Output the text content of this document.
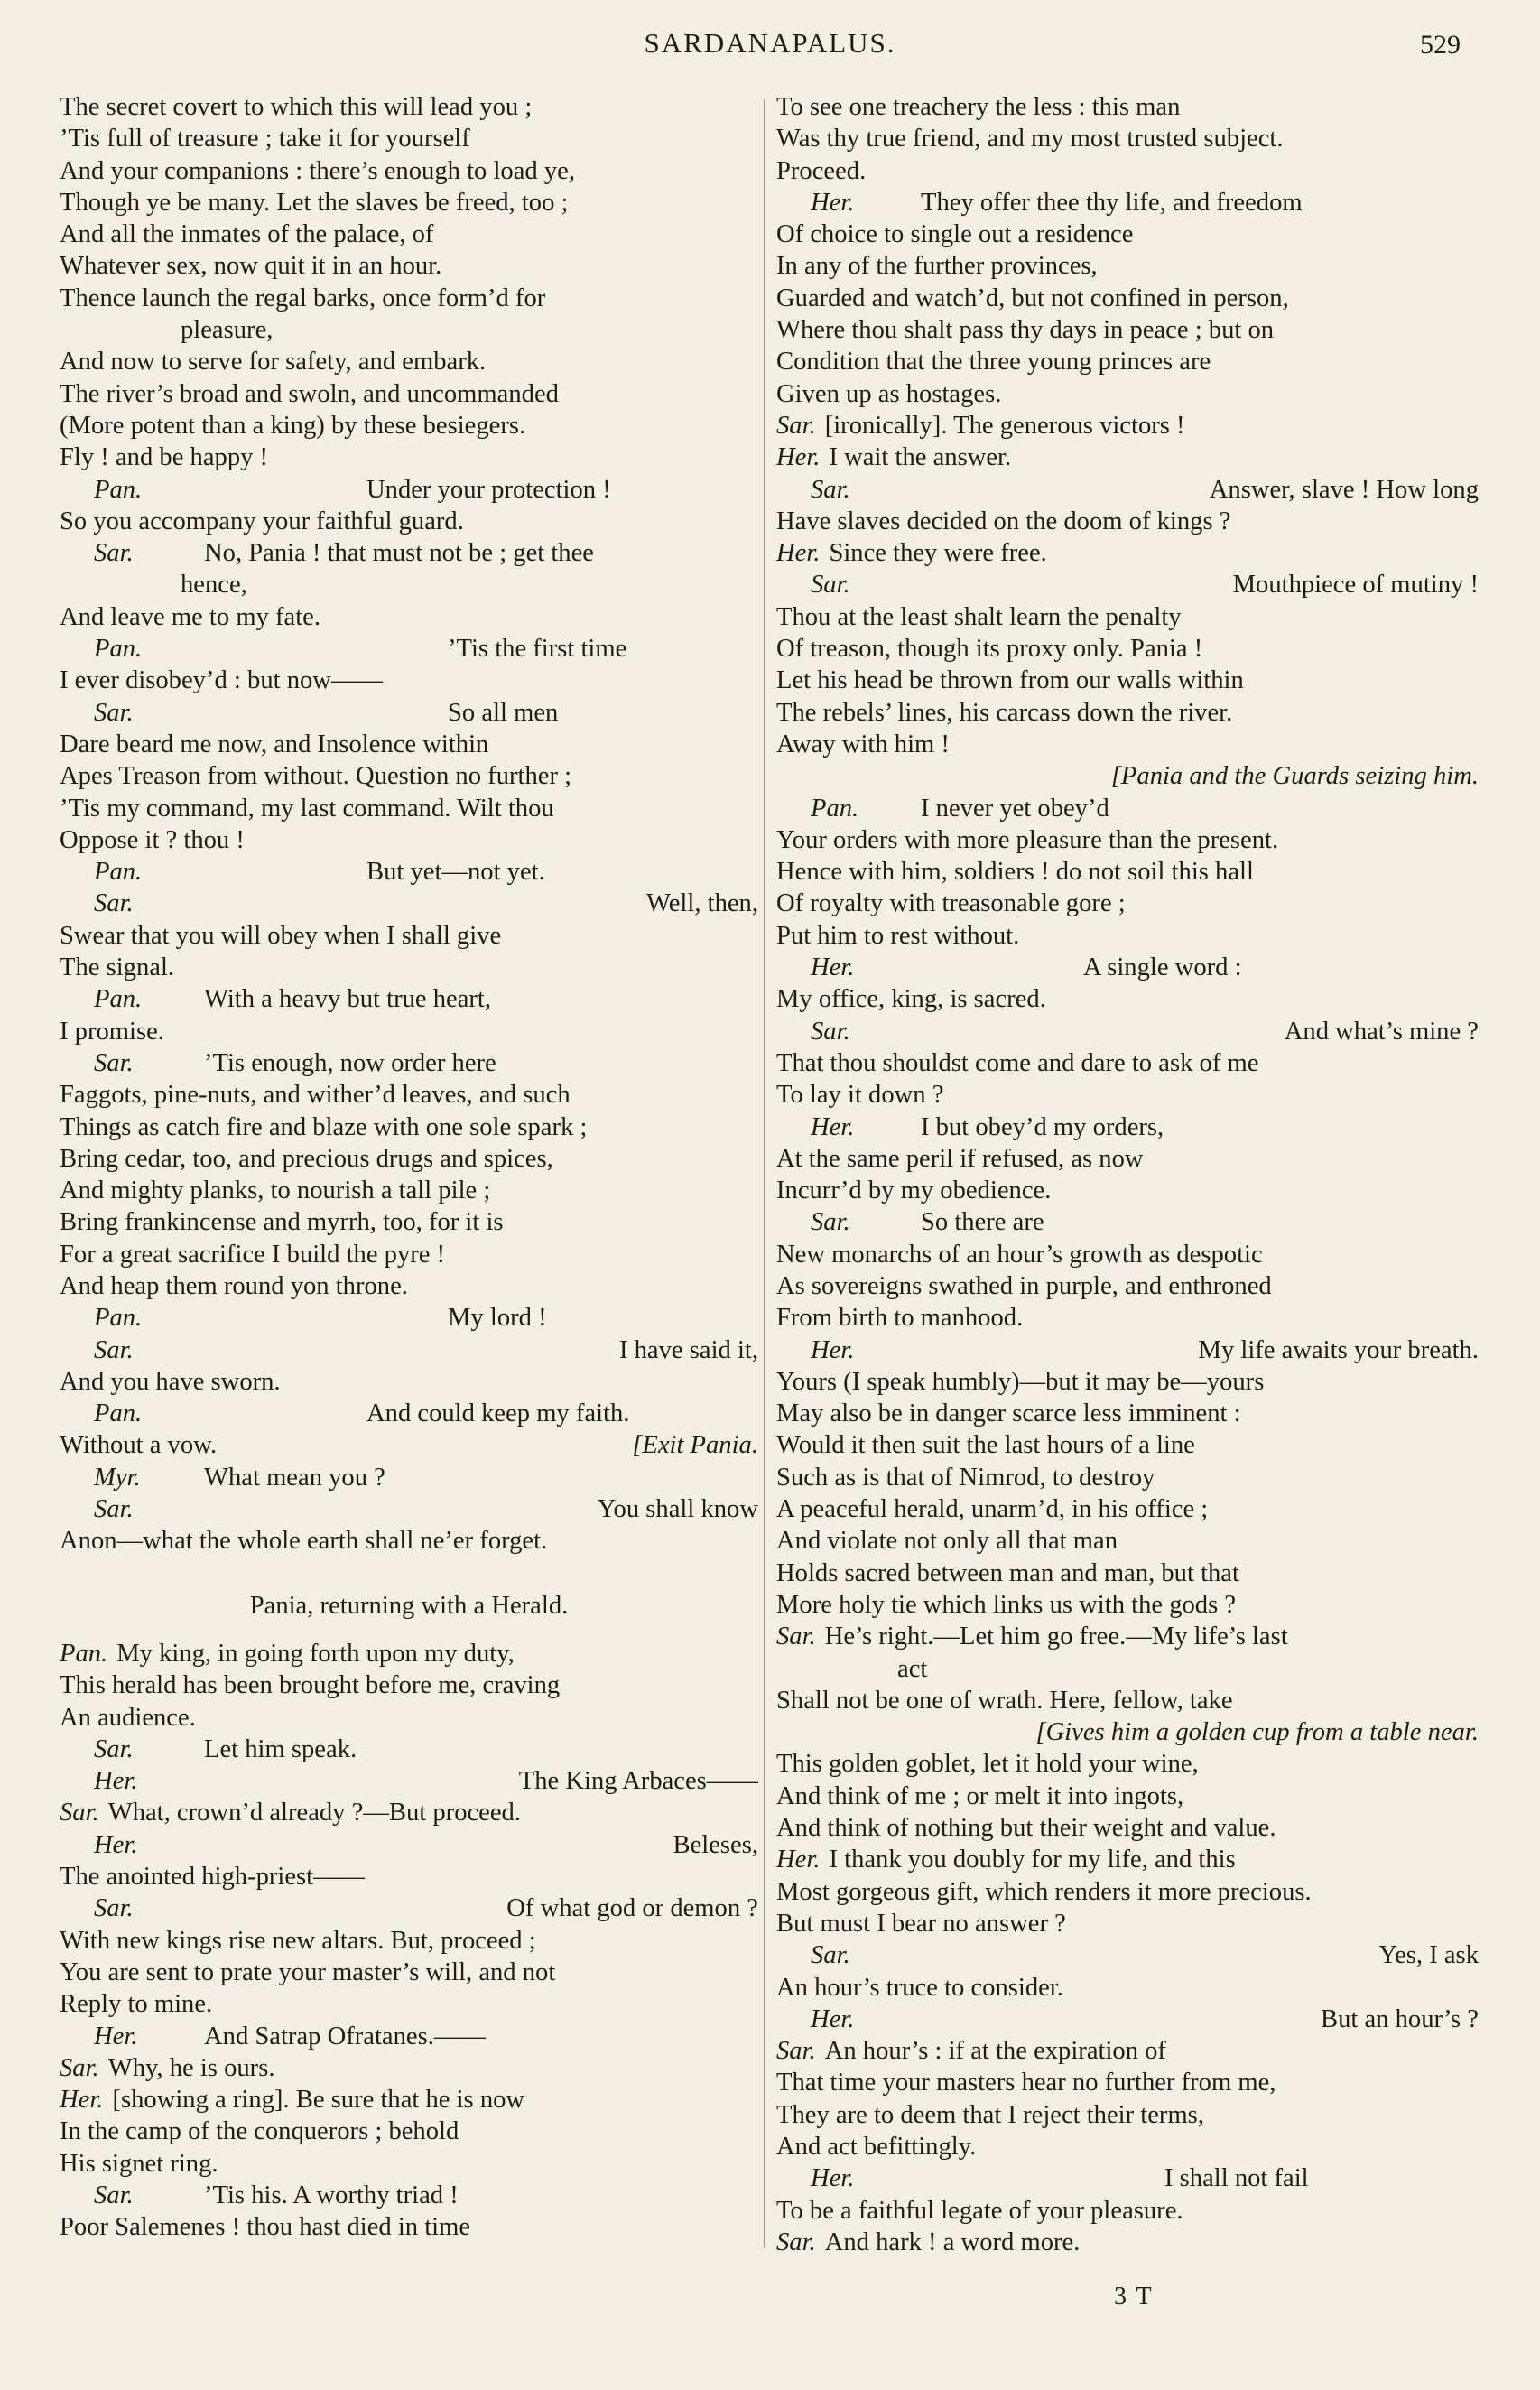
SARDANAPALUS.	529
The secret covert to which this will lead you ;
’Tis full of treasure ; take it for yourself
And your companions : there’s enough to load ye,
Though ye be many. Let the slaves be freed, too ;
And all the inmates of the palace, of
Whatever sex, now quit it in an hour.
Thence launch the regal barks, once form’d for
pleasure,
And now to serve for safety, and embark.
The river’s broad and swoln, and uncommanded
(More potent than a king) by these besiegers.
Fly ! and be happy !
Pan.	Under your protection !
So you accompany your faithful guard.
Sar.	No, Pania ! that must not be ; get thee
hence,
And leave me to my fate.
Pan.	’Tis the first time
I ever disobey’d : but now——
Sar.	So all men
Dare beard me now, and Insolence within
Apes Treason from without. Question no further ;
’Tis my command, my last command. Wilt thou
Oppose it ? thou !
Pan.	But yet—not yet.
Sar.	Well, then,
Swear that you will obey when I shall give
The signal.
Pan. With a heavy but true heart,
I promise.
Sar.	’Tis enough, now order here
Faggots, pine-nuts, and wither’d leaves, and such
Things as catch fire and blaze with one sole spark ;
Bring cedar, too, and precious drugs and spices,
And mighty planks, to nourish a tall pile ;
Bring frankincense and myrrh, too, for it is
For a great sacrifice I build the pyre !
And heap them round yon throne.
Pan.	My lord !
Sar.	I have said it,
And you have sworn.
Pan.	And could keep my faith.
Without a vow.	[Exit Pania.
Myr. What mean you ?
Sar.	You shall know
Anon—what the whole earth shall ne’er forget.
Pania, returning with a Herald.
Pan. My king, in going forth upon my duty,
This herald has been brought before me, craving
An audience.
Sar.	Let him speak.
Her.	The King Arbaces——
Sar. What, crown’d already ?—But proceed.
Her.	Beleses,
The anointed high-priest——
Sar.	Of what god or demon ?
With new kings rise new altars. But, proceed ;
You are sent to prate your master’s will, and not
Reply to mine.
Her.	And Satrap Ofratanes.——
Sar. Why, he is ours.
Her. [showing a ring]. Be sure that he is now
In the camp of the conquerors ; behold
His signet ring.
Sar.	’Tis his. A worthy triad !
Poor Salemenes ! thou hast died in time
To see one treachery the less : this man
Was thy true friend, and my most trusted subject.
Proceed.
Her.	They offer thee thy life, and freedom
Of choice to single out a residence
In any of the further provinces,
Guarded and watch’d, but not confined in person,
Where thou shalt pass thy days in peace ; but on
Condition that the three young princes are
Given up as hostages.
Sar. [ironically]. The generous victors !
Her. I wait the answer.
Sar.	Answer, slave ! How long
Have slaves decided on the doom of kings ?
Her. Since they were free.
Sar.	Mouthpiece of mutiny !
Thou at the least shalt learn the penalty
Of treason, though its proxy only. Pania !
Let his head be thrown from our walls within
The rebels’ lines, his carcass down the river.
Away with him !
[Pania and the Guards seizing him.
Pan. I never yet obey’d
Your orders with more pleasure than the present.
Hence with him, soldiers ! do not soil this hall
Of royalty with treasonable gore ;
Put him to rest without.
Her.	A single word :
My office, king, is sacred.
Sar.	And what’s mine ?
That thou shouldst come and dare to ask of me
To lay it down ?
Her.	I but obey’d my orders,
At the same peril if refused, as now
Incurr’d by my obedience.
Sar.	So there are
New monarchs of an hour’s growth as despotic
As sovereigns swathed in purple, and enthroned
From birth to manhood.
Her.	My life awaits your breath.
Yours (I speak humbly)—but it may be—yours
May also be in danger scarce less imminent :
Would it then suit the last hours of a line
Such as is that of Nimrod, to destroy
A peaceful herald, unarm’d, in his office ;
And violate not only all that man
Holds sacred between man and man, but that
More holy tie which links us with the gods ?
Sar. He’s right.—Let him go free.—My life’s last
act
Shall not be one of wrath. Here, fellow, take
[Gives him a golden cup from a table near.
This golden goblet, let it hold your wine,
And think of me ; or melt it into ingots,
And think of nothing but their weight and value.
Her. I thank you doubly for my life, and this
Most gorgeous gift, which renders it more precious.
But must I bear no answer ?
Sar.	Yes, I ask
An hour’s truce to consider.
Her.	But an hour’s ?
Sar. An hour’s : if at the expiration of
That time your masters hear no further from me,
They are to deem that I reject their terms,
And act befittingly.
Her.	I shall not fail
To be a faithful legate of your pleasure.
Sar. And hark ! a word more.
3 T
